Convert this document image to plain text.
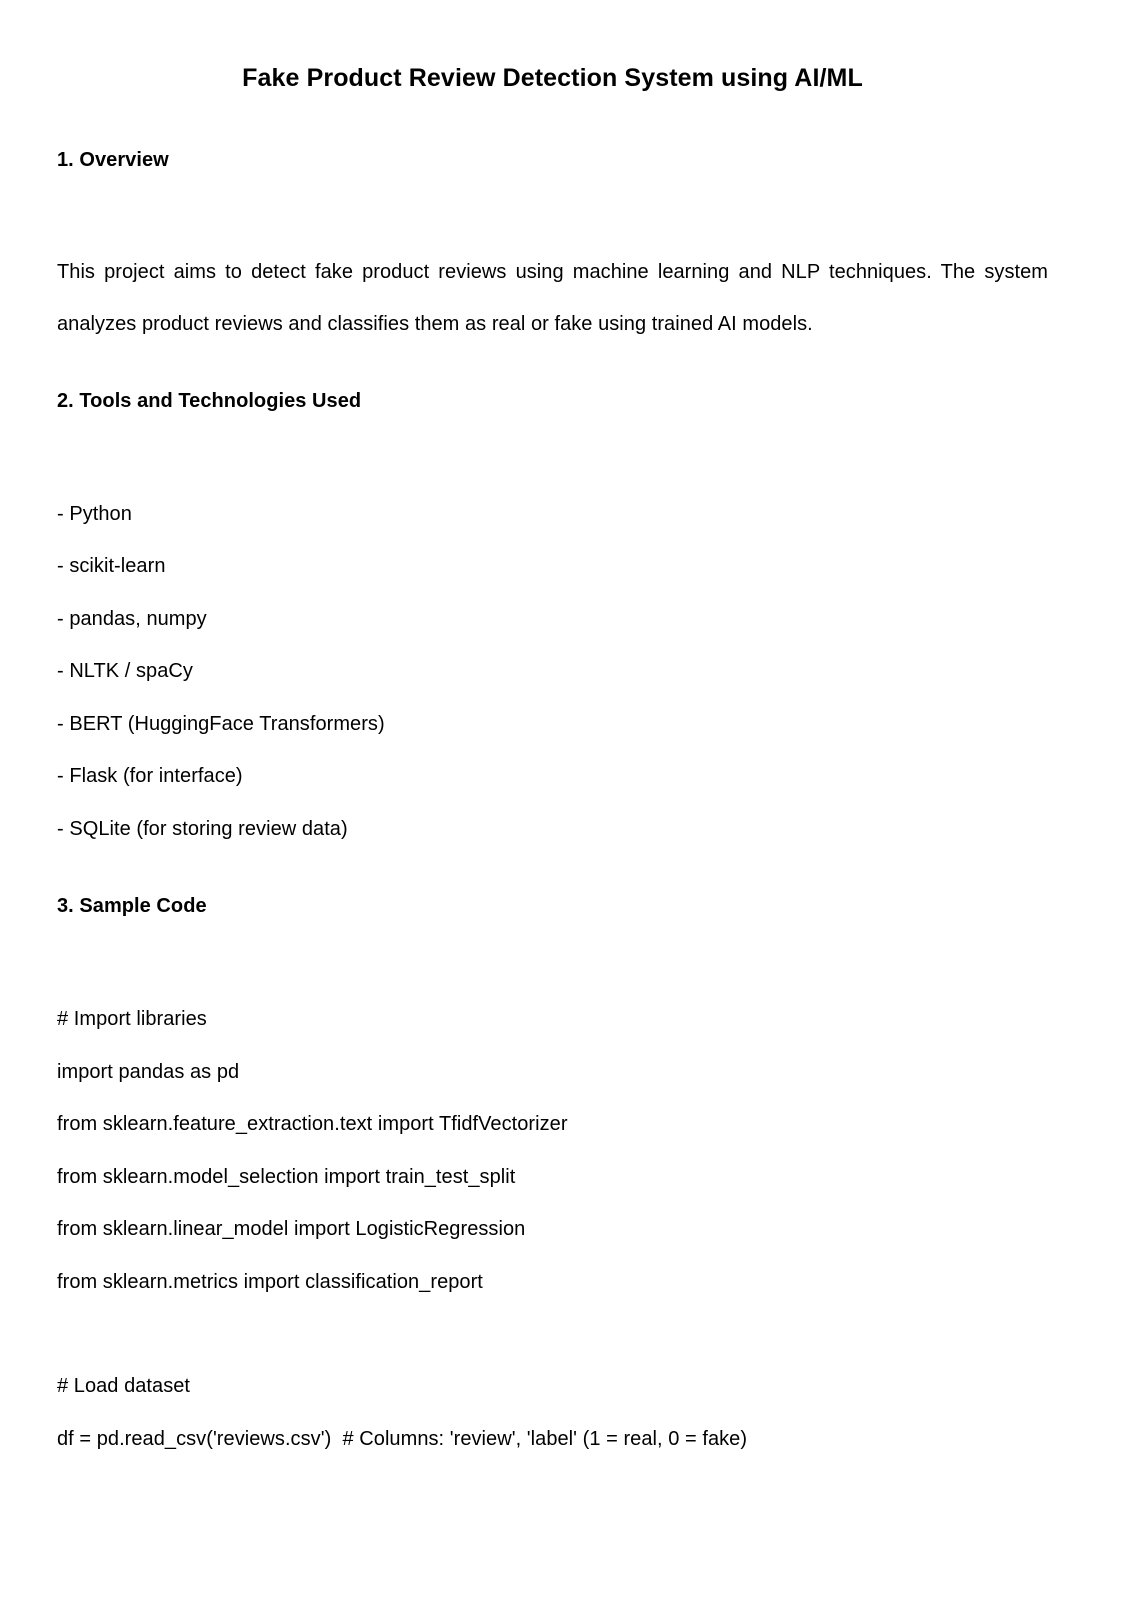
Fake Product Review Detection System using AI/ML
1. Overview

This project aims to detect fake product reviews using machine learning and NLP techniques. The system analyzes product reviews and classifies them as real or fake using trained AI models.

2. Tools and Technologies Used
- Python
- scikit-learn
- pandas, numpy
- NLTK / spaCy
- BERT (HuggingFace Transformers)
- Flask (for interface)
- SQLite (for storing review data)
3. Sample Code
# Import libraries
import pandas as pd
from sklearn.feature_extraction.text import TfidfVectorizer
from sklearn.model_selection import train_test_split
from sklearn.linear_model import LogisticRegression
from sklearn.metrics import classification_report
# Load dataset
df = pd.read_csv('reviews.csv')  # Columns: 'review', 'label' (1 = real, 0 = fake)
